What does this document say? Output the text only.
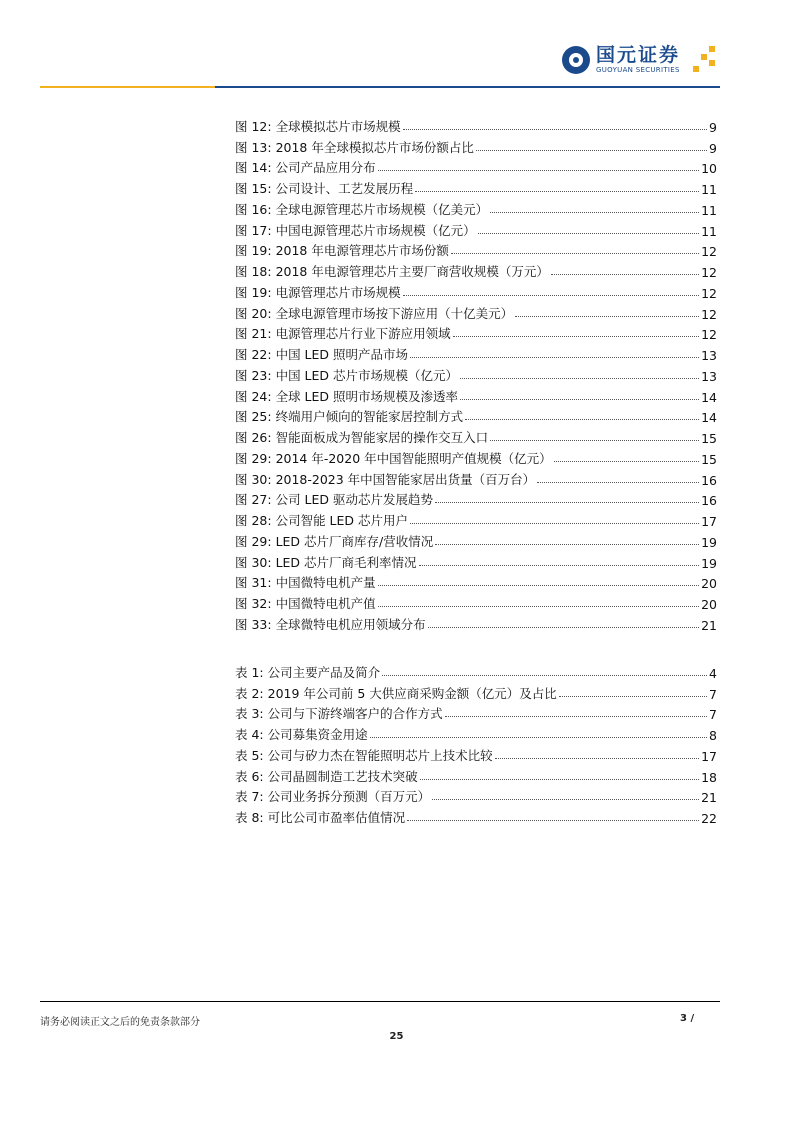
国元证券
GUOYUAN SECURITIES
图 12: 全球模拟芯片市场规模	9
图 13: 2018 年全球模拟芯片市场份额占比	9
图 14: 公司产品应用分布	10
图 15: 公司设计、工艺发展历程	11
图 16: 全球电源管理芯片市场规模（亿美元）	11
图 17: 中国电源管理芯片市场规模（亿元）	11
图 19: 2018 年电源管理芯片市场份额	12
图 18: 2018 年电源管理芯片主要厂商营收规模（万元）	12
图 19: 电源管理芯片市场规模	12
图 20: 全球电源管理市场按下游应用（十亿美元）	12
图 21: 电源管理芯片行业下游应用领域	12
图 22: 中国 LED 照明产品市场	13
图 23: 中国 LED 芯片市场规模（亿元）	13
图 24: 全球 LED 照明市场规模及渗透率	14
图 25: 终端用户倾向的智能家居控制方式	14
图 26: 智能面板成为智能家居的操作交互入口	15
图 29: 2014 年-2020 年中国智能照明产值规模（亿元）	15
图 30: 2018-2023 年中国智能家居出货量（百万台）	16
图 27: 公司 LED 驱动芯片发展趋势	16
图 28: 公司智能 LED 芯片用户	17
图 29: LED 芯片厂商库存/营收情况	19
图 30: LED 芯片厂商毛利率情况	19
图 31: 中国微特电机产量	20
图 32: 中国微特电机产值	20
图 33: 全球微特电机应用领域分布	21
表 1: 公司主要产品及简介	4
表 2: 2019 年公司前 5 大供应商采购金额（亿元）及占比	7
表 3: 公司与下游终端客户的合作方式	7
表 4: 公司募集资金用途	8
表 5: 公司与矽力杰在智能照明芯片上技术比较	17
表 6: 公司晶圆制造工艺技术突破	18
表 7: 公司业务拆分预测（百万元）	21
表 8: 可比公司市盈率估值情况	22
请务必阅读正文之后的免责条款部分	3 /
25
